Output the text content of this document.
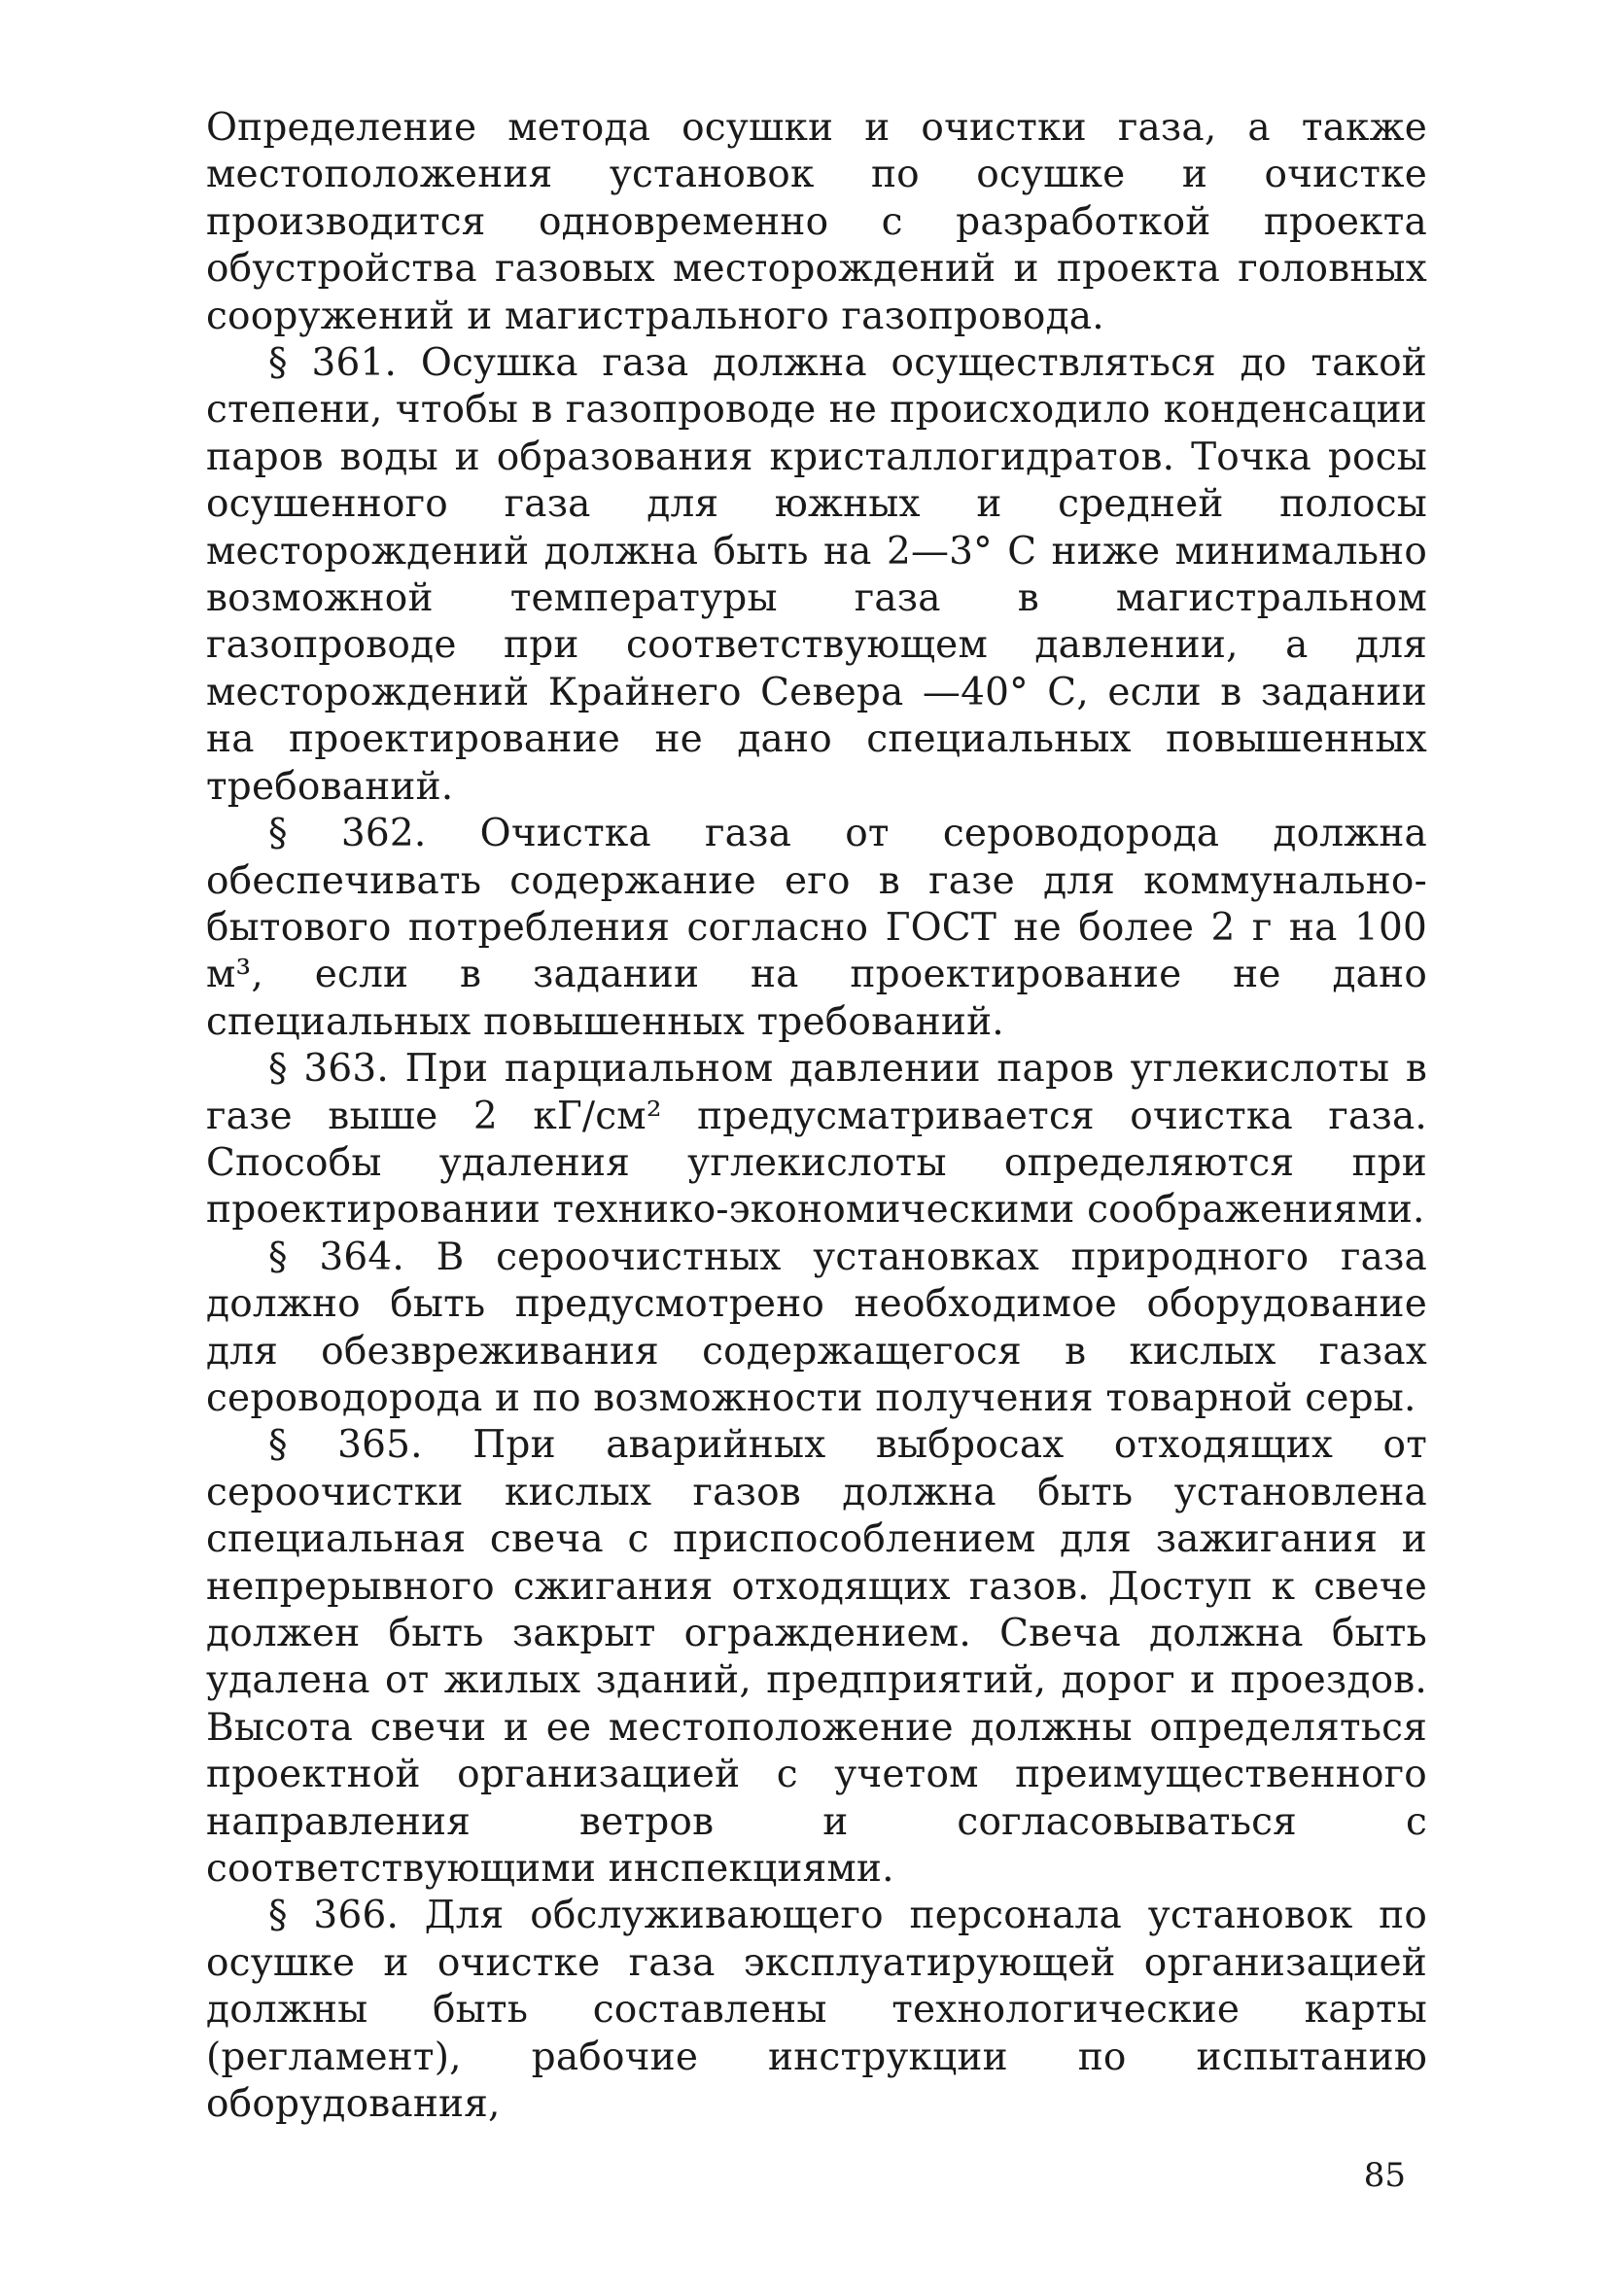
Определение метода осушки и очистки газа, а также местоположения установок по осушке и очистке производится одновременно с разработкой проекта обустройства газовых месторождений и проекта головных сооружений и магистрального газопровода.

§ 361. Осушка газа должна осуществляться до такой степени, чтобы в газопроводе не происходило конденсации паров воды и образования кристаллогидратов. Точка росы осушенного газа для южных и средней полосы месторождений должна быть на 2—3° С ниже минимально возможной температуры газа в магистральном газопроводе при соответствующем давлении, а для месторождений Крайнего Севера —40° С, если в задании на проектирование не дано специальных повышенных требований.

§ 362. Очистка газа от сероводорода должна обеспечивать содержание его в газе для коммунально-бытового потребления согласно ГОСТ не более 2 г на 100 м³, если в задании на проектирование не дано специальных повышенных требований.

§ 363. При парциальном давлении паров углекислоты в газе выше 2 кГ/см² предусматривается очистка газа. Способы удаления углекислоты определяются при проектировании технико-экономическими соображениями.

§ 364. В сероочистных установках природного газа должно быть предусмотрено необходимое оборудование для обезвреживания содержащегося в кислых газах сероводорода и по возможности получения товарной серы.

§ 365. При аварийных выбросах отходящих от сероочистки кислых газов должна быть установлена специальная свеча с приспособлением для зажигания и непрерывного сжигания отходящих газов. Доступ к свече должен быть закрыт ограждением. Свеча должна быть удалена от жилых зданий, предприятий, дорог и проездов. Высота свечи и ее местоположение должны определяться проектной организацией с учетом преимущественного направления ветров и согласовываться с соответствующими инспекциями.

§ 366. Для обслуживающего персонала установок по осушке и очистке газа эксплуатирующей организацией должны быть составлены технологические карты (регламент), рабочие инструкции по испытанию оборудования,

85
